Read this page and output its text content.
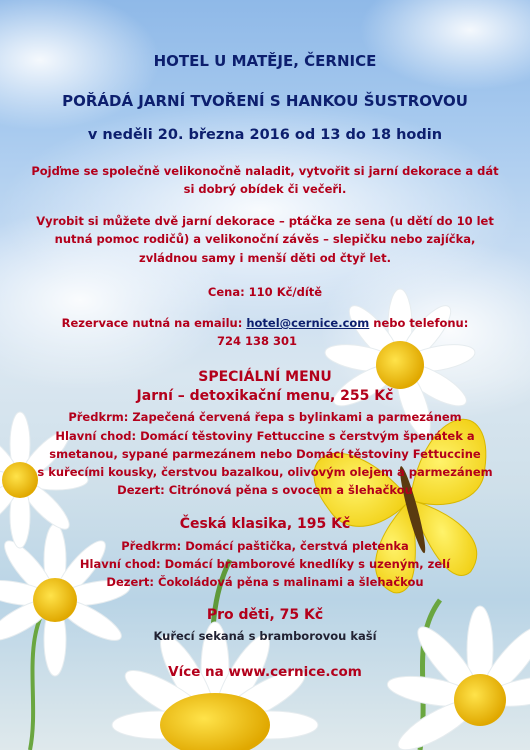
HOTEL U MATĚJE, ČERNICE
POŘÁDÁ JARNÍ TVOŘENÍ S HANKOU ŠUSTROVOU
v neděli 20. března 2016 od 13 do 18 hodin
Pojďme se společně velikonočně naladit, vytvořit si jarní dekorace a dát
si dobrý obídek či večeři.
Vyrobit si můžete dvě jarní dekorace – ptáčka ze sena (u dětí do 10 let
nutná pomoc rodičů) a velikonoční závěs – slepičku nebo zajíčka,
zvládnou samy i menší děti od čtyř let.
Cena: 110 Kč/dítě
Rezervace nutná na emailu: hotel@cernice.com nebo telefonu:
724 138 301
SPECIÁLNÍ MENU
Jarní – detoxikační menu, 255 Kč
Předkrm: Zapečená červená řepa s bylinkami a parmezánem
Hlavní chod: Domácí těstoviny Fettuccine s čerstvým špenátek a
smetanou, sypané parmezánem nebo Domácí těstoviny Fettuccine
s kuřecími kousky, čerstvou bazalkou, olivovým olejem a parmezánem
Dezert: Citrónová pěna s ovocem a šlehačkou
Česká klasika, 195 Kč
Předkrm: Domácí paštička, čerstvá pletenka
Hlavní chod: Domácí bramborové knedlíky s uzeným, zelí
Dezert: Čokoládová pěna s malinami a šlehačkou
Pro děti, 75 Kč
Kuřecí sekaná s bramborovou kaší
Více na www.cernice.com
